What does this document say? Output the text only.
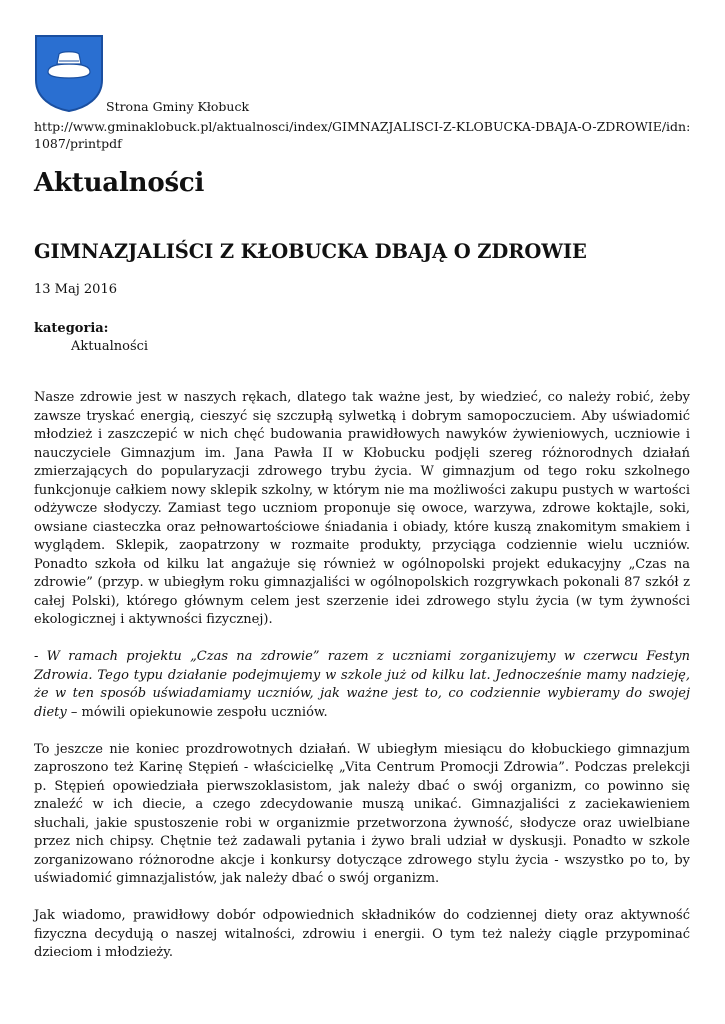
Strona Gminy Kłobuck
http://www.gminaklobuck.pl/aktualnosci/index/GIMNAZJALISCI-Z-KLOBUCKA-DBAJA-O-ZDROWIE/idn:1087/printpdf
Aktualności
GIMNAZJALIŚCI Z KŁOBUCKA DBAJĄ O ZDROWIE
13 Maj 2016
kategoria:
Aktualności

Nasze zdrowie jest w naszych rękach, dlatego tak ważne jest, by wiedzieć, co należy robić, żeby zawsze tryskać energią, cieszyć się szczupłą sylwetką i dobrym samopoczuciem. Aby uświadomić młodzież i zaszczepić w nich chęć budowania prawidłowych nawyków żywieniowych, uczniowie i nauczyciele Gimnazjum im. Jana Pawła II w Kłobucku podjęli szereg różnorodnych działań zmierzających do popularyzacji zdrowego trybu życia. W gimnazjum od tego roku szkolnego funkcjonuje całkiem nowy sklepik szkolny, w którym nie ma możliwości zakupu pustych w wartości odżywcze słodyczy. Zamiast tego uczniom proponuje się owoce, warzywa, zdrowe koktajle, soki, owsiane ciasteczka oraz pełnowartościowe śniadania i obiady, które kuszą znakomitym smakiem i wyglądem. Sklepik, zaopatrzony w rozmaite produkty, przyciąga codziennie wielu uczniów. Ponadto szkoła od kilku lat angażuje się również w ogólnopolski projekt edukacyjny „Czas na zdrowie” (przyp. w ubiegłym roku gimnazjaliści w ogólnopolskich rozgrywkach pokonali 87 szkół z całej Polski), którego głównym celem jest szerzenie idei zdrowego stylu życia (w tym żywności ekologicznej i aktywności fizycznej).

- W ramach projektu „Czas na zdrowie” razem z uczniami zorganizujemy w czerwcu Festyn Zdrowia. Tego typu działanie podejmujemy w szkole już od kilku lat. Jednocześnie mamy nadzieję, że w ten sposób uświadamiamy uczniów, jak ważne jest to, co codziennie wybieramy do swojej diety – mówili opiekunowie zespołu uczniów.

To jeszcze nie koniec prozdrowotnych działań. W ubiegłym miesiącu do kłobuckiego gimnazjum zaproszono też Karinę Stępień - właścicielkę „Vita Centrum Promocji Zdrowia”. Podczas prelekcji p. Stępień opowiedziała pierwszoklasistom, jak należy dbać o swój organizm, co powinno się znaleźć w ich diecie, a czego zdecydowanie muszą unikać. Gimnazjaliści z zaciekawieniem słuchali, jakie spustoszenie robi w organizmie przetworzona żywność, słodycze oraz uwielbiane przez nich chipsy. Chętnie też zadawali pytania i żywo brali udział w dyskusji. Ponadto w szkole zorganizowano różnorodne akcje i konkursy dotyczące zdrowego stylu życia - wszystko po to, by uświadomić gimnazjalistów, jak należy dbać o swój organizm.

Jak wiadomo, prawidłowy dobór odpowiednich składników do codziennej diety oraz aktywność fizyczna decydują o naszej witalności, zdrowiu i energii. O tym też należy ciągle przypominać dzieciom i młodzieży.
